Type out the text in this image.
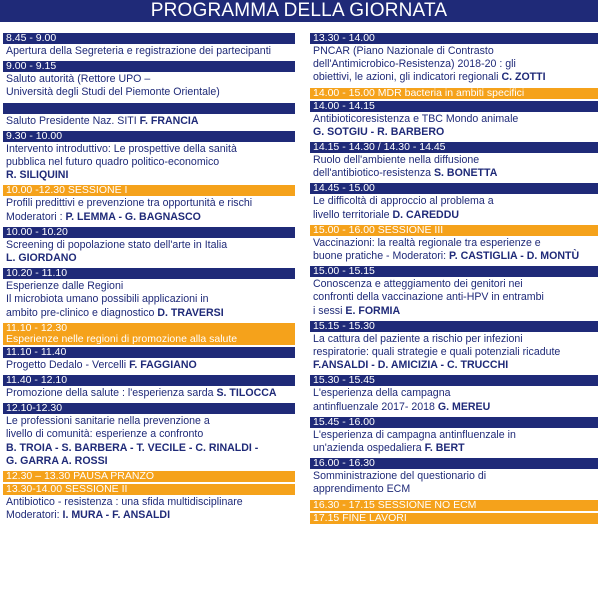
PROGRAMMA DELLA GIORNATA
8.45 - 9.00
Apertura della Segreteria e registrazione dei partecipanti
9.00 - 9.15
Saluto autorità (Rettore UPO –
Università degli Studi del Piemonte Orientale)
Saluto Presidente Naz. SITI F. FRANCIA
9.30 - 10.00
Intervento introduttivo: Le prospettive della sanità
pubblica nel futuro quadro politico-economico
R. SILIQUINI
10.00 -12.30 SESSIONE I
Profili predittivi e prevenzione tra opportunità e rischi
Moderatori : P. LEMMA - G. BAGNASCO
10.00 - 10.20
Screening di popolazione stato dell'arte in Italia
L. GIORDANO
10.20 - 11.10
Esperienze dalle Regioni
Il microbiota umano possibili applicazioni in
ambito pre-clinico e diagnostico D. TRAVERSI
11.10 - 12.30
Esperienze nelle regioni di promozione alla salute
11.10 - 11.40
Progetto Dedalo - Vercelli F. FAGGIANO
11.40 - 12.10
Promozione della salute : l'esperienza sarda S. TILOCCA
12.10-12.30
Le professioni sanitarie nella prevenzione a
livello di comunità: esperienze a confronto
B. TROIA - S. BARBERA - T. VECILE - C. RINALDI -
G. GARRA A. ROSSI
12.30 – 13.30 PAUSA PRANZO
13.30-14.00 SESSIONE II
Antibiotico - resistenza : una sfida multidisciplinare
Moderatori: I. MURA - F. ANSALDI
13.30 - 14.00
PNCAR (Piano Nazionale di Contrasto
dell'Antimicrobico-Resistenza) 2018-20 : gli
obiettivi, le azioni, gli indicatori regionali C. ZOTTI
14.00 - 15.00 MDR bacteria in ambiti specifici
14.00 - 14.15
Antibioticoresistenza e TBC Mondo animale
G. SOTGIU - R. BARBERO
14.15 - 14.30 / 14.30 - 14.45
Ruolo dell'ambiente nella diffusione
dell'antibiotico-resistenza S. BONETTA
14.45 - 15.00
Le difficoltà di approccio al problema a
livello territoriale D. CAREDDU
15.00 - 16.00 SESSIONE III
Vaccinazioni: la realtà regionale tra esperienze e
buone pratiche - Moderatori: P. CASTIGLIA - D. MONTÙ
15.00 - 15.15
Conoscenza e atteggiamento dei genitori nei
confronti della vaccinazione anti-HPV in entrambi
i sessi E. FORMIA
15.15 - 15.30
La cattura del paziente a rischio per infezioni
respiratorie: quali strategie e quali potenziali ricadute
F.ANSALDI - D. AMICIZIA - C. TRUCCHI
15.30 - 15.45
L'esperienza della campagna
antinfluenzale 2017- 2018 G. MEREU
15.45 - 16.00
L'esperienza di campagna antinfluenzale in
un'azienda ospedaliera F. BERT
16.00 - 16.30
Somministrazione del questionario di
apprendimento ECM
16.30 - 17.15 SESSIONE NO ECM
17.15 FINE LAVORI
